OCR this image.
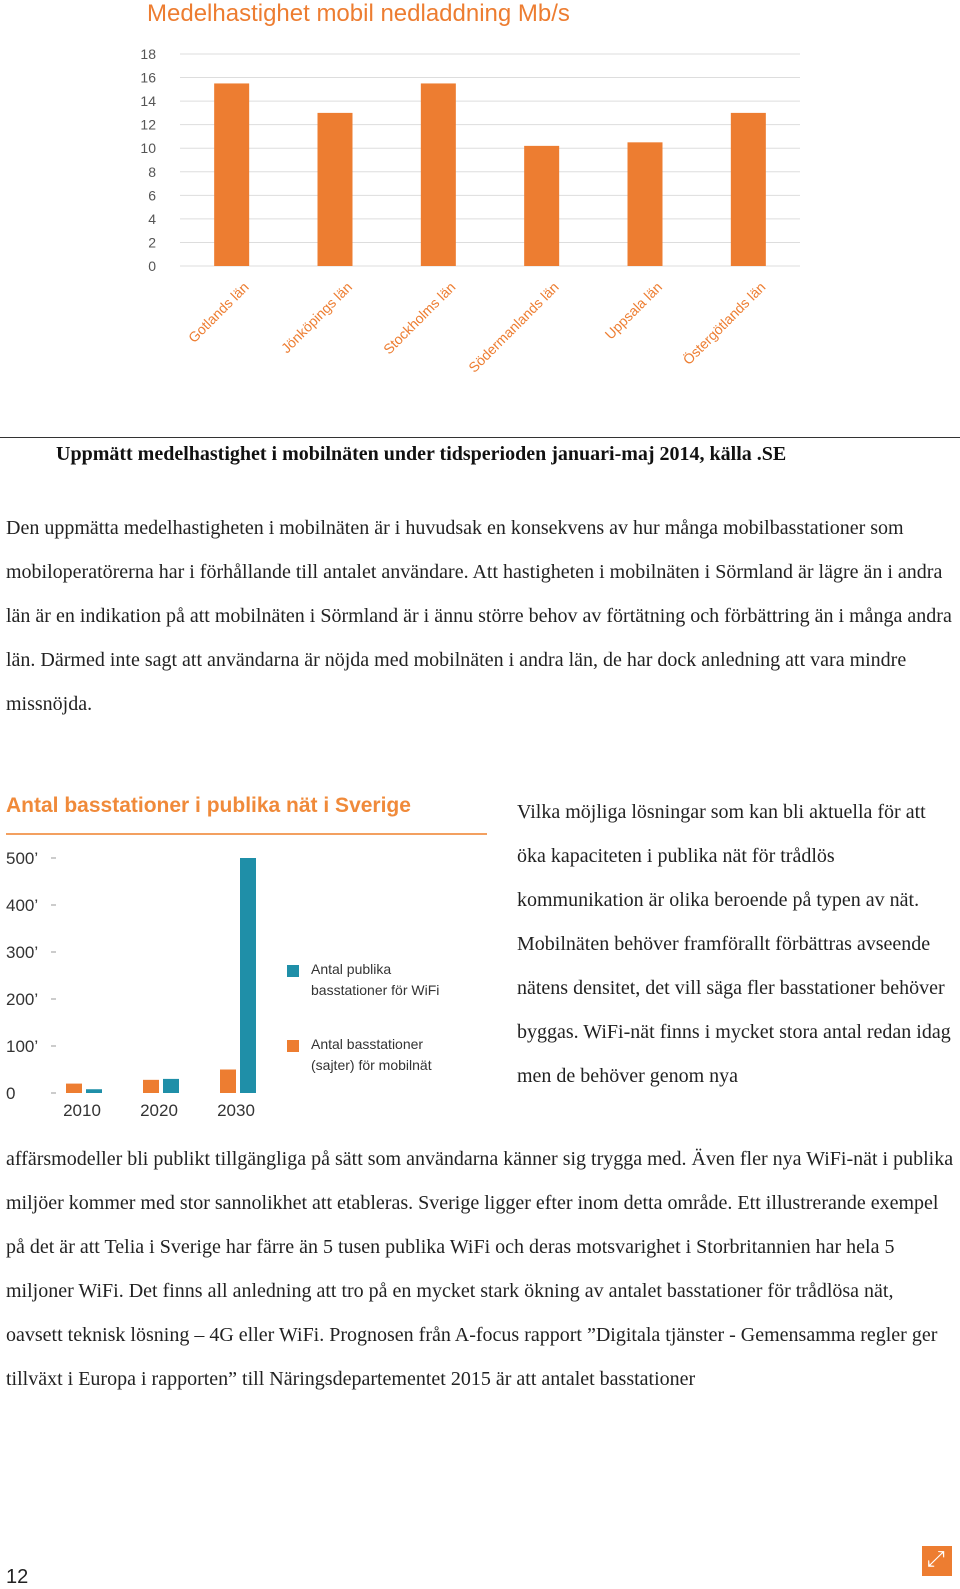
Medelhastighet mobil nedladdning Mb/s
0
2
4
6
8
10
12
14
16
18
Gotlands län Jönköpings län Stockholms län Södermanlands län	Uppsala län Östergötlands län
Uppmätt medelhastighet i mobilnäten under tidsperioden januari-maj 2014, källa .SE

Den uppmätta medelhastigheten i mobilnäten är i huvudsak en konsekvens av hur många mobilbasstationer som mobiloperatörerna har i förhållande till antalet användare. Att hastigheten i mobilnäten i Sörmland är lägre än i andra län är en indikation på att mobilnäten i Sörmland är i ännu större behov av förtätning och förbättring än i många andra län. Därmed inte sagt att användarna är nöjda med mobilnäten i andra län, de har dock anledning att vara mindre missnöjda.

Antal basstationer i publika nät i Sverige
0
100’
200’
300’
400’
500’
2010 2020 2030
Antal publika
basstationer för WiFi
Antal basstationer
(sajter) för mobilnät

Vilka möjliga lösningar som kan bli aktuella för att öka kapaciteten i publika nät för trådlös kommunikation är olika beroende på typen av nät. Mobilnäten behöver framförallt förbättras avseende nätens densitet, det vill säga fler basstationer behöver byggas. WiFi-nät finns i mycket stora antal redan idag men de behöver genom nya

affärsmodeller bli publikt tillgängliga på sätt som användarna känner sig trygga med. Även fler nya WiFi-nät i publika miljöer kommer med stor sannolikhet att etableras. Sverige ligger efter inom detta område. Ett illustrerande exempel på det är att Telia i Sverige har färre än 5 tusen publika WiFi och deras motsvarighet i Storbritannien har hela 5 miljoner WiFi. Det finns all anledning att tro på en mycket stark ökning av antalet basstationer för trådlösa nät, oavsett teknisk lösning – 4G eller WiFi. Prognosen från A-focus rapport ”Digitala tjänster - Gemensamma regler ger tillväxt i Europa i rapporten” till Näringsdepartementet 2015 är att antalet basstationer

12
⤢
